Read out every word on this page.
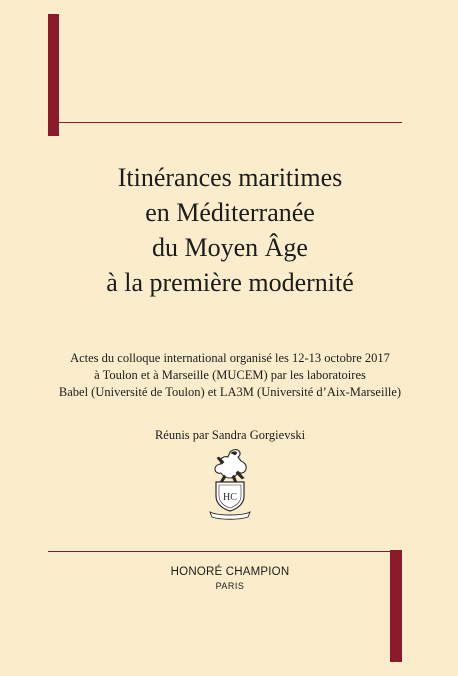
Itinérances maritimes
en Méditerranée
du Moyen Âge
à la première modernité
Actes du colloque international organisé les 12-13 octobre 2017
à Toulon et à Marseille (MUCEM) par les laboratoires
Babel (Université de Toulon) et LA3M (Université d’Aix-Marseille)
Réunis par Sandra Gorgievski
HC
HONORÉ CHAMPION
PARIS
